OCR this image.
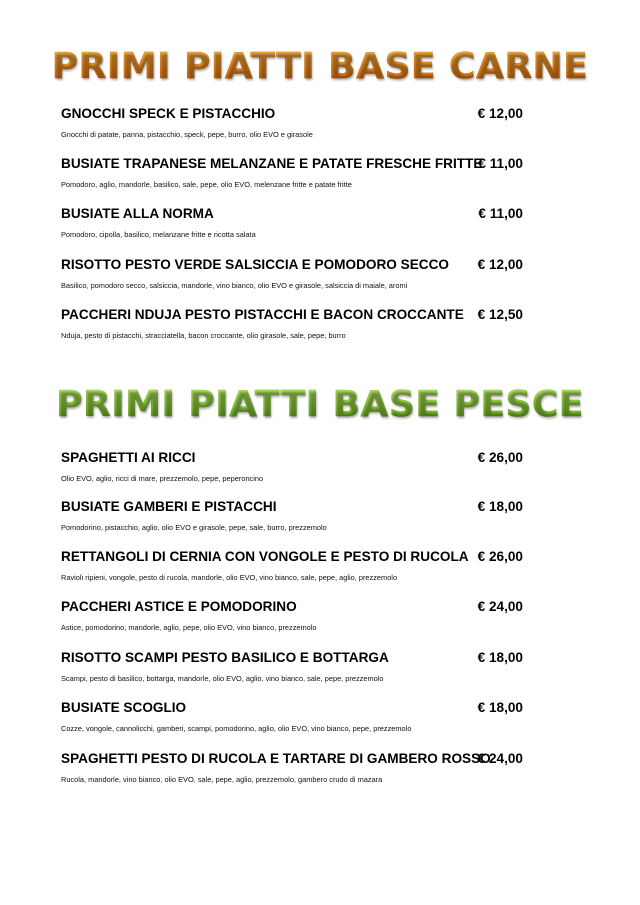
PRIMI PIATTI BASE CARNE
GNOCCHI SPECK E PISTACCHIO	€ 12,00
Gnocchi di patate, panna, pistacchio, speck, pepe, burro, olio EVO e girasole
BUSIATE TRAPANESE MELANZANE E PATATE FRESCHE FRITTE
€ 11,00
Pomodoro, aglio, mandorle, basilico, sale, pepe, olio EVO, melenzane fritte e patate fritte
BUSIATE ALLA NORMA	€ 11,00
Pomodoro, cipolla, basilico, melanzane fritte e ricotta salata
RISOTTO PESTO VERDE SALSICCIA E POMODORO SECCO € 12,00
Basilico, pomodoro secco, salsiccia, mandorle, vino bianco, olio EVO e girasole, salsiccia di maiale, aromi
PACCHERI NDUJA PESTO PISTACCHI E BACON CROCCANTE € 12,50
Nduja, pesto di pistacchi, stracciatella, bacon croccante, olio girasole, sale, pepe, burro
PRIMI PIATTI BASE PESCE
SPAGHETTI AI RICCI	€ 26,00
Olio EVO, aglio, ricci di mare, prezzemolo, pepe, peperoncino
BUSIATE GAMBERI E PISTACCHI	€ 18,00
Pomodorino, pistacchio, aglio, olio EVO e girasole, pepe, sale, burro, prezzemolo
RETTANGOLI DI CERNIA CON VONGOLE E PESTO DI RUCOLA € 26,00
Ravioli ripieni, vongole, pesto di rucola, mandorle, olio EVO, vino bianco, sale, pepe, aglio, prezzemolo
PACCHERI ASTICE E POMODORINO	€ 24,00
Astice, pomodorino, mandorle, aglio, pepe, olio EVO, vino bianco, prezzemolo
RISOTTO SCAMPI PESTO BASILICO E BOTTARGA	€ 18,00
Scampi, pesto di basilico, bottarga, mandorle, olio EVO, aglio, vino bianco, sale, pepe, prezzemolo
BUSIATE SCOGLIO	€ 18,00
Cozze, vongole, cannolicchi, gamberi, scampi, pomodorino, aglio, olio EVO, vino bianco, pepe, prezzemolo
SPAGHETTI PESTO DI RUCOLA E TARTARE DI GAMBERO ROSSO
€ 24,00
Rucola, mandorle, vino bianco, olio EVO, sale, pepe, aglio, prezzemolo, gambero crudo di mazara
